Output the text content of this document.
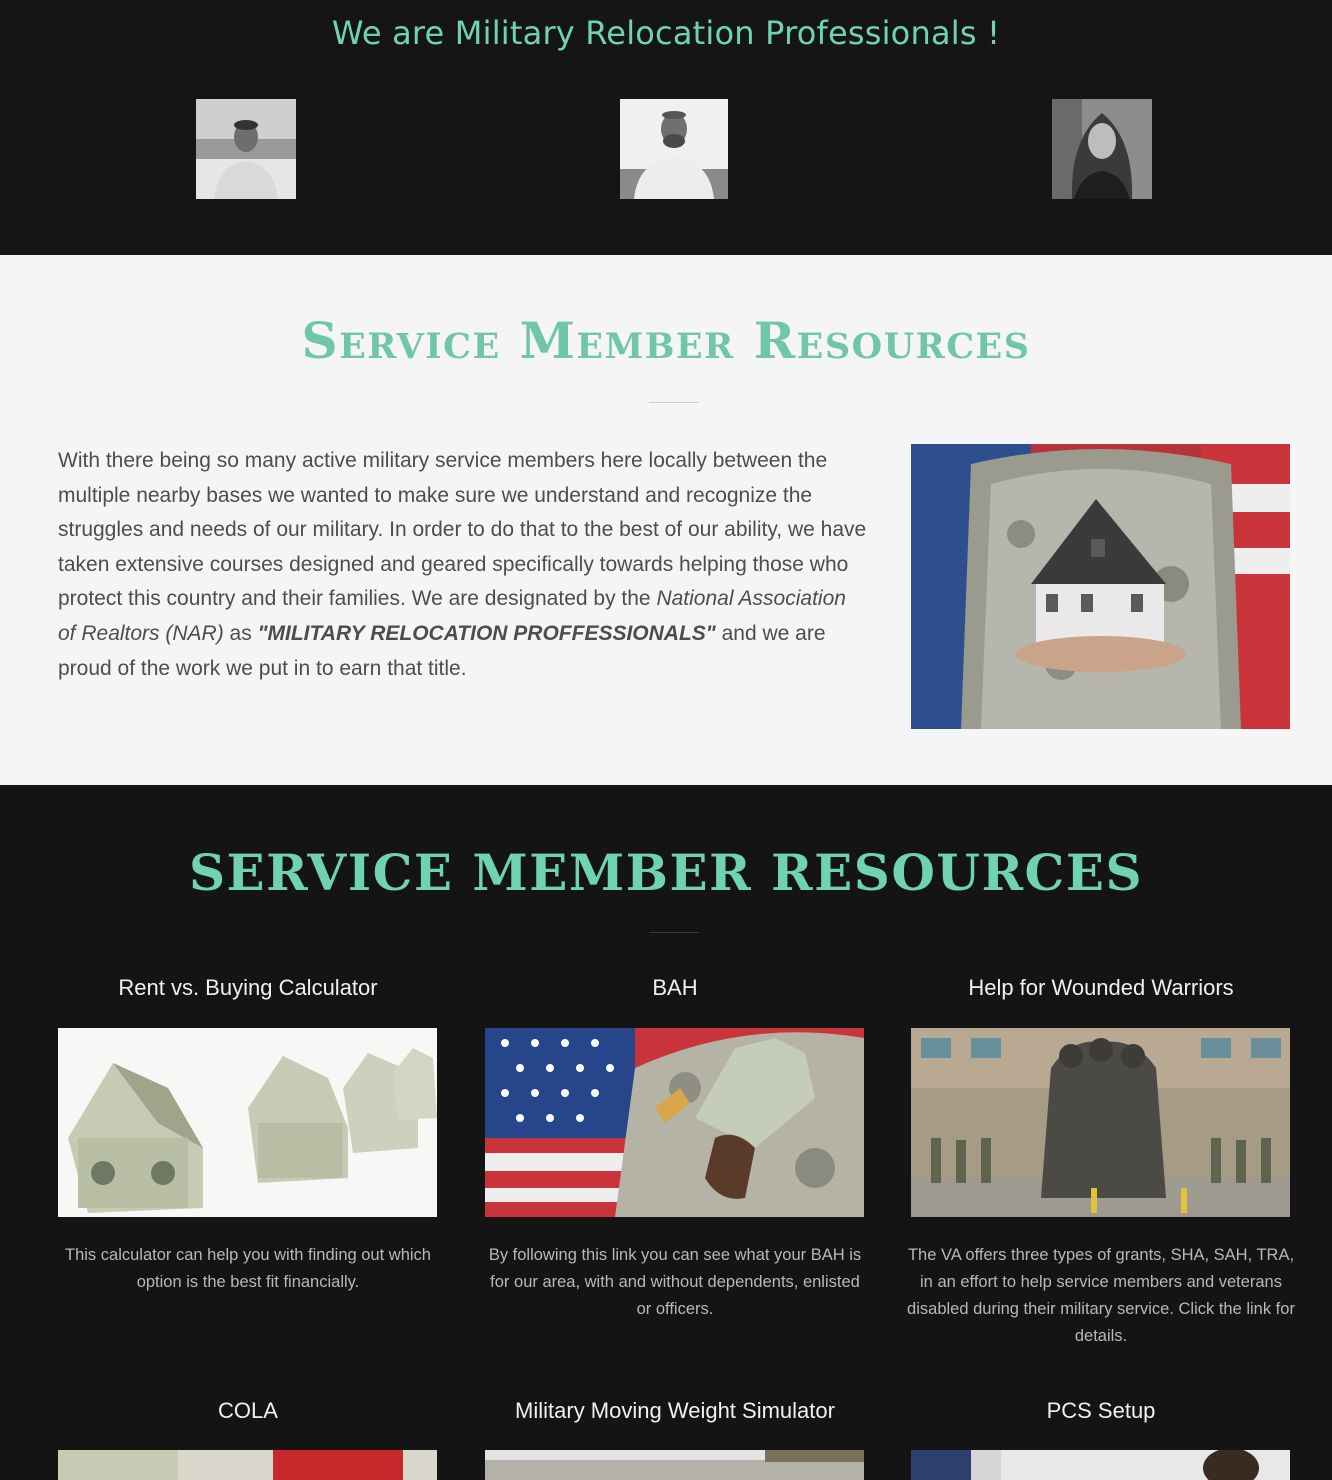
We are Military Relocation Professionals !
Service Member Resources

With there being so many active military service members here locally between the multiple nearby bases we wanted to make sure we understand and recognize the struggles and needs of our military. In order to do that to the best of our ability, we have taken extensive courses designed and geared specifically towards helping those who protect this country and their families. We are designated by the National Association of Realtors (NAR) as "MILITARY RELOCATION PROFFESSIONALS" and we are proud of the work we put in to earn that title.

SERVICE MEMBER RESOURCES
Rent vs. Buying Calculator
This calculator can help you with finding out which option is the best fit financially.
BAH
By following this link you can see what your BAH is for our area, with and without dependents, enlisted or officers.
Help for Wounded Warriors
The VA offers three types of grants, SHA, SAH, TRA, in an effort to help service members and veterans disabled during their military service. Click the link for details.
COLA	Military Moving Weight Simulator	PCS Setup
